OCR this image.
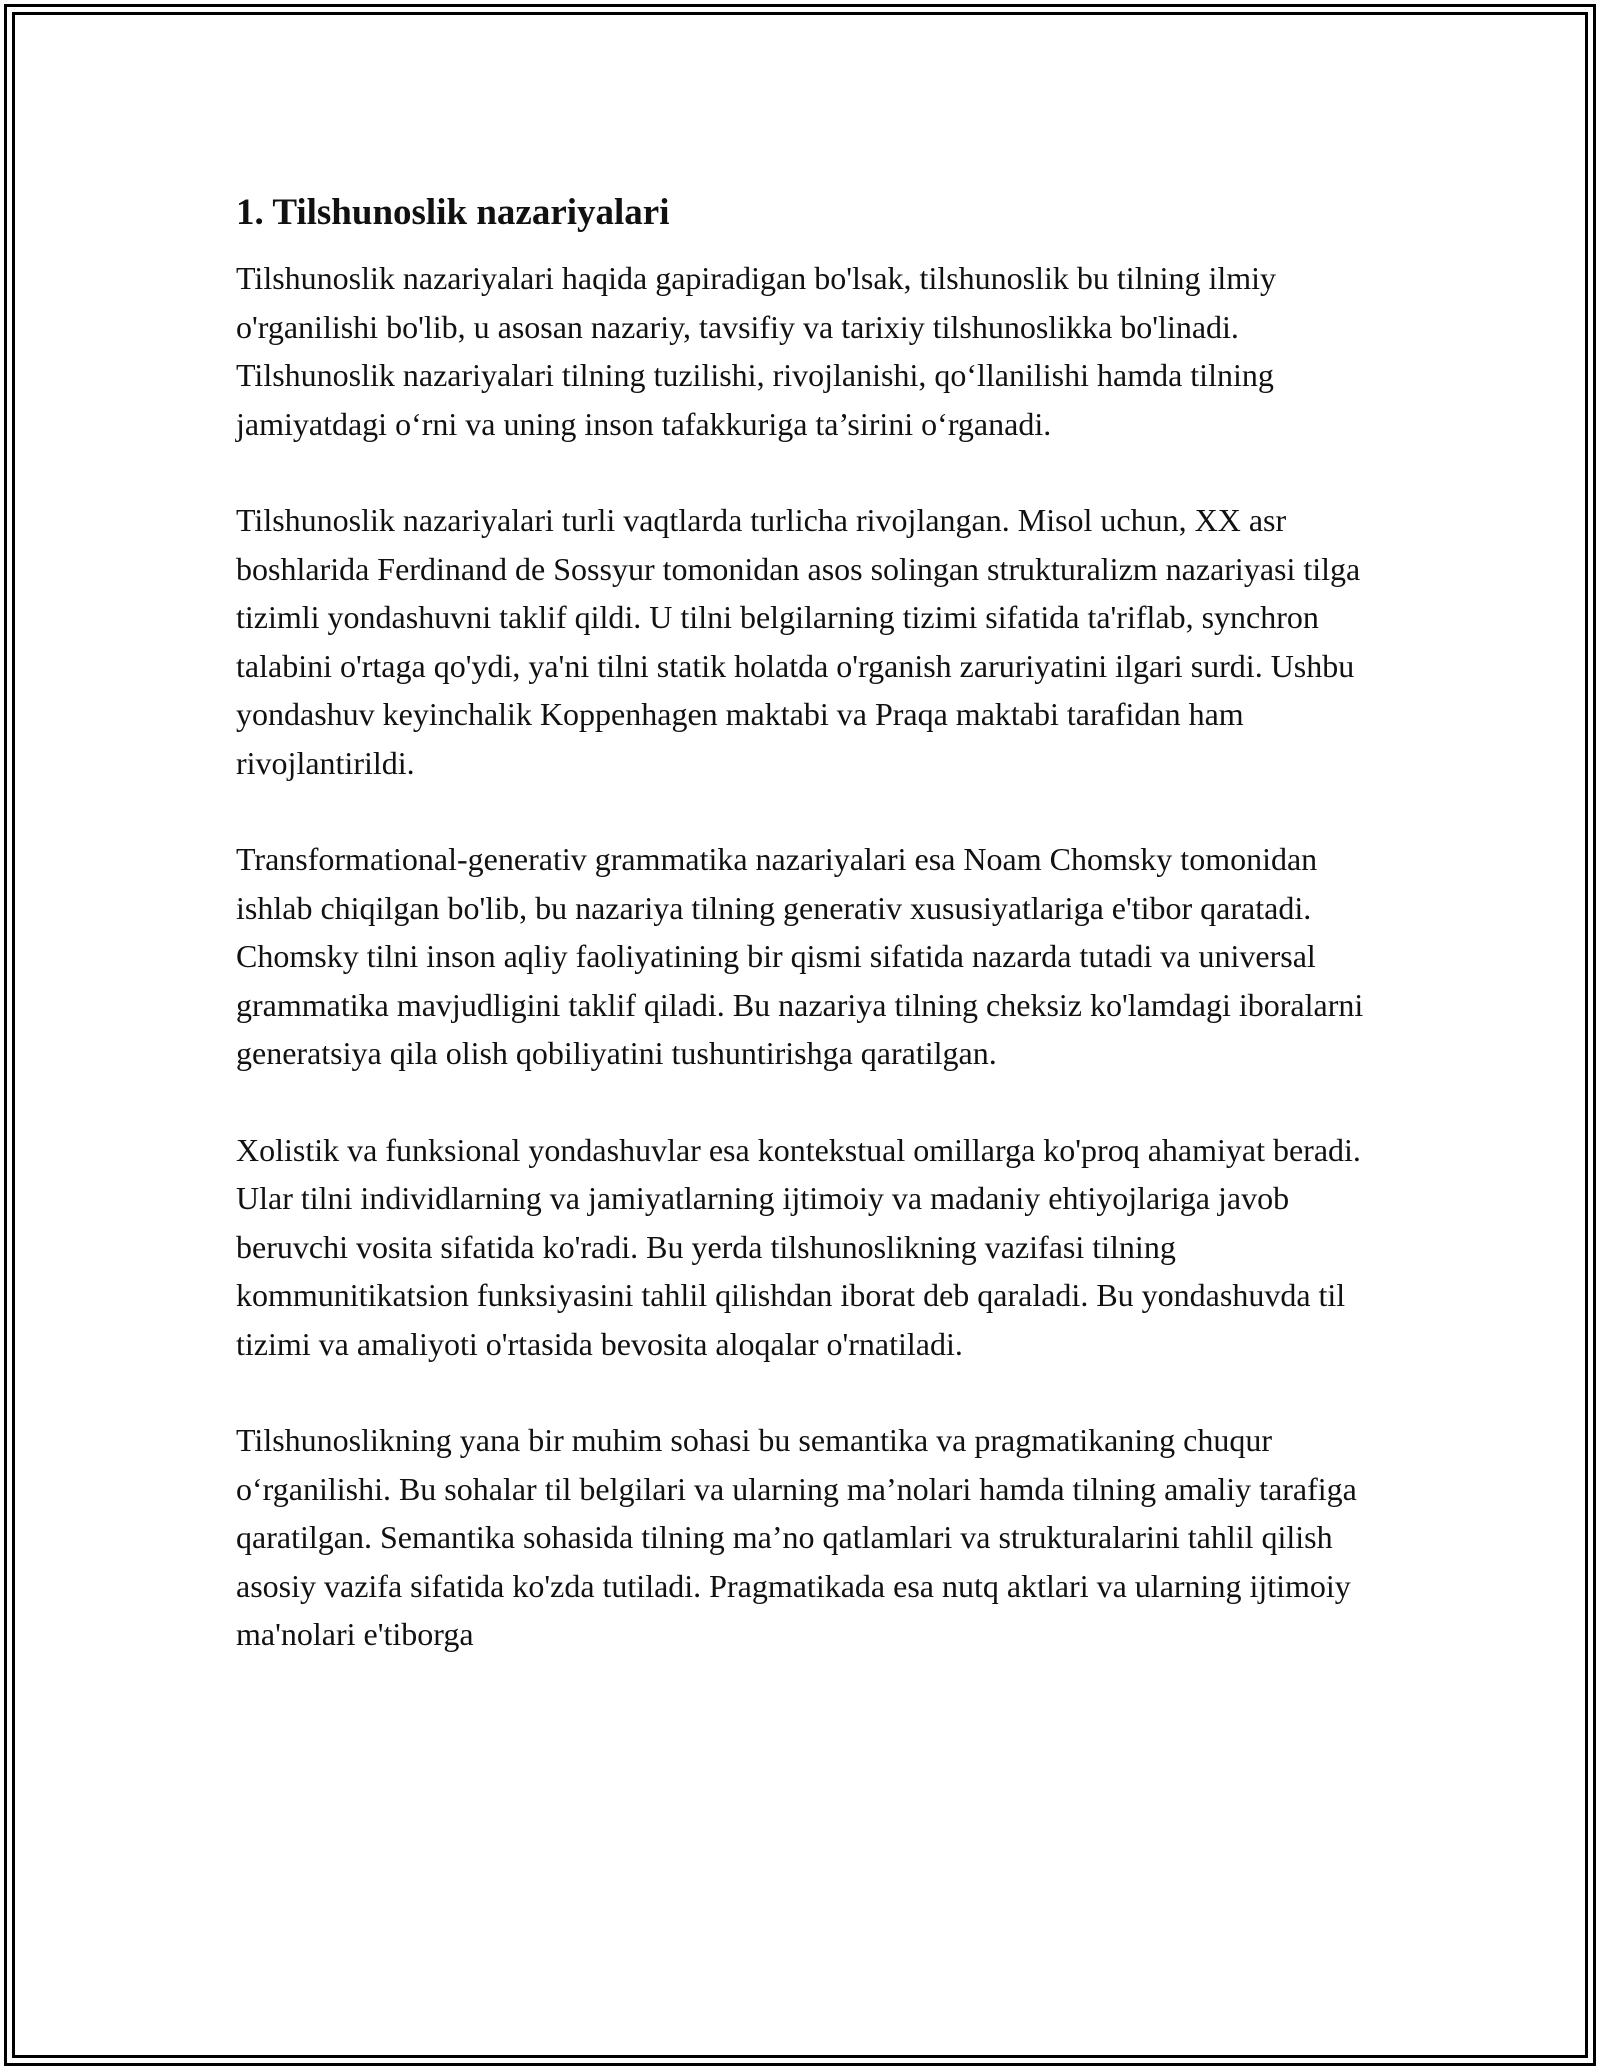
1. Tilshunoslik nazariyalari

Tilshunoslik nazariyalari haqida gapiradigan bo'lsak, tilshunoslik bu tilning ilmiy o'rganilishi bo'lib, u asosan nazariy, tavsifiy va tarixiy tilshunoslikka bo'linadi. Tilshunoslik nazariyalari tilning tuzilishi, rivojlanishi, qo‘llanilishi hamda tilning jamiyatdagi o‘rni va uning inson tafakkuriga ta’sirini o‘rganadi.

Tilshunoslik nazariyalari turli vaqtlarda turlicha rivojlangan. Misol uchun, XX asr boshlarida Ferdinand de Sossyur tomonidan asos solingan strukturalizm nazariyasi tilga tizimli yondashuvni taklif qildi. U tilni belgilarning tizimi sifatida ta'riflab, synchron talabini o'rtaga qo'ydi, ya'ni tilni statik holatda o'rganish zaruriyatini ilgari surdi. Ushbu yondashuv keyinchalik Koppenhagen maktabi va Praqa maktabi tarafidan ham rivojlantirildi.

Transformational-generativ grammatika nazariyalari esa Noam Chomsky tomonidan ishlab chiqilgan bo'lib, bu nazariya tilning generativ xususiyatlariga e'tibor qaratadi. Chomsky tilni inson aqliy faoliyatining bir qismi sifatida nazarda tutadi va universal grammatika mavjudligini taklif qiladi. Bu nazariya tilning cheksiz ko'lamdagi iboralarni generatsiya qila olish qobiliyatini tushuntirishga qaratilgan.

Xolistik va funksional yondashuvlar esa kontekstual omillarga ko'proq ahamiyat beradi. Ular tilni individlarning va jamiyatlarning ijtimoiy va madaniy ehtiyojlariga javob beruvchi vosita sifatida ko'radi. Bu yerda tilshunoslikning vazifasi tilning kommunitikatsion funksiyasini tahlil qilishdan iborat deb qaraladi. Bu yondashuvda til tizimi va amaliyoti o'rtasida bevosita aloqalar o'rnatiladi.

Tilshunoslikning yana bir muhim sohasi bu semantika va pragmatikaning chuqur o‘rganilishi. Bu sohalar til belgilari va ularning ma’nolari hamda tilning amaliy tarafiga qaratilgan. Semantika sohasida tilning ma’no qatlamlari va strukturalarini tahlil qilish asosiy vazifa sifatida ko'zda tutiladi. Pragmatikada esa nutq aktlari va ularning ijtimoiy ma'nolari e'tiborga
